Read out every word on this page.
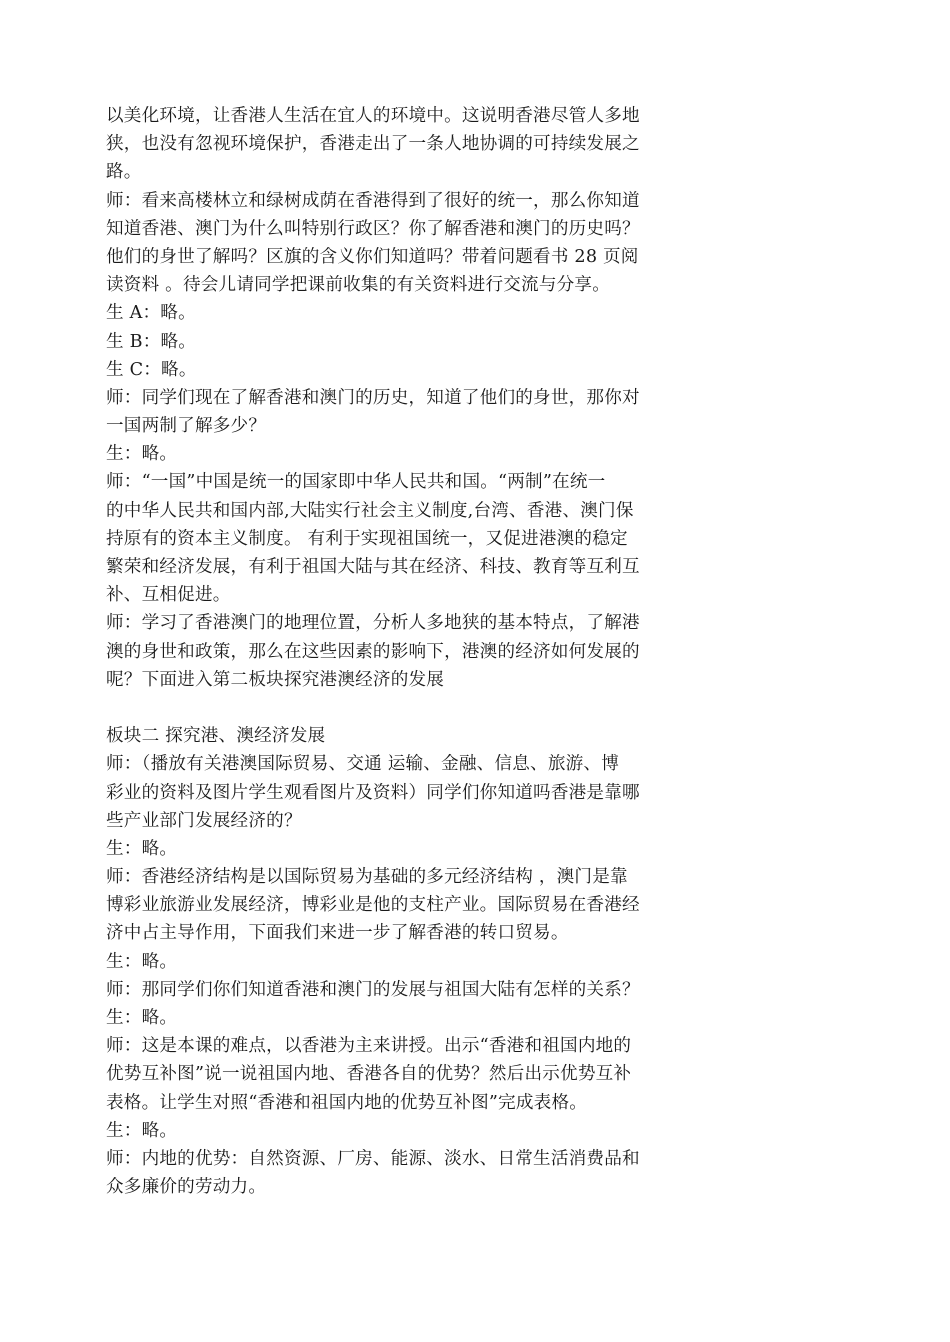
以美化环境，让香港人生活在宜人的环境中。这说明香港尽管人多地
狭，也没有忽视环境保护，香港走出了一条人地协调的可持续发展之
路。
师：看来高楼林立和绿树成荫在香港得到了很好的统一，那么你知道
知道香港、澳门为什么叫特别行政区？你了解香港和澳门的历史吗？
他们的身世了解吗？区旗的含义你们知道吗？带着问题看书 28 页阅
读资料 。待会儿请同学把课前收集的有关资料进行交流与分享。
生 A：略。
生 B：略。
生 C：略。
师：同学们现在了解香港和澳门的历史，知道了他们的身世，那你对
一国两制了解多少？
生：略。
师：“一国”中国是统一的国家即中华人民共和国。“两制”在统一
的中华人民共和国内部,大陆实行社会主义制度,台湾、香港、澳门保
持原有的资本主义制度。 有利于实现祖国统一，又促进港澳的稳定
繁荣和经济发展，有利于祖国大陆与其在经济、科技、教育等互利互
补、互相促进。
师：学习了香港澳门的地理位置，分析人多地狭的基本特点，了解港
澳的身世和政策，那么在这些因素的影响下，港澳的经济如何发展的
呢？下面进入第二板块探究港澳经济的发展
板块二 探究港、澳经济发展
师：（播放有关港澳国际贸易、交通 运输、金融、信息、旅游、博
彩业的资料及图片学生观看图片及资料）同学们你知道吗香港是靠哪
些产业部门发展经济的？
生：略。
师：香港经济结构是以国际贸易为基础的多元经济结构 ，澳门是靠
博彩业旅游业发展经济，博彩业是他的支柱产业。国际贸易在香港经
济中占主导作用，下面我们来进一步了解香港的转口贸易。
生：略。
师：那同学们你们知道香港和澳门的发展与祖国大陆有怎样的关系？
生：略。
师：这是本课的难点，以香港为主来讲授。出示“香港和祖国内地的
优势互补图”说一说祖国内地、香港各自的优势？然后出示优势互补
表格。让学生对照“香港和祖国内地的优势互补图”完成表格。
生：略。
师：内地的优势：自然资源、厂房、能源、淡水、日常生活消费品和
众多廉价的劳动力。
